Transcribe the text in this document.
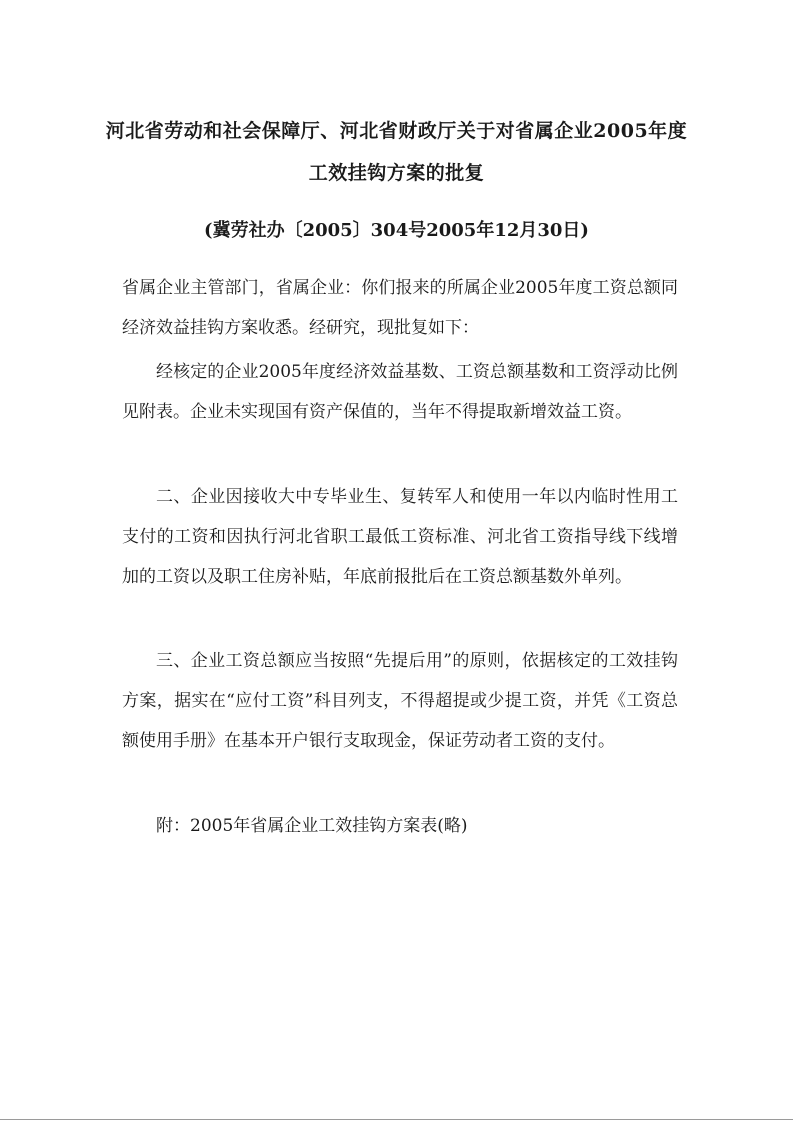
河北省劳动和社会保障厅、河北省财政厅关于对省属企业2005年度
工效挂钩方案的批复
(冀劳社办〔2005〕304号2005年12月30日)

省属企业主管部门，省属企业：你们报来的所属企业2005年度工资总额同经济效益挂钩方案收悉。经研究，现批复如下：

经核定的企业2005年度经济效益基数、工资总额基数和工资浮动比例见附表。企业未实现国有资产保值的，当年不得提取新增效益工资。

二、企业因接收大中专毕业生、复转军人和使用一年以内临时性用工支付的工资和因执行河北省职工最低工资标准、河北省工资指导线下线增加的工资以及职工住房补贴，年底前报批后在工资总额基数外单列。

三、企业工资总额应当按照“先提后用”的原则，依据核定的工效挂钩方案，据实在“应付工资”科目列支，不得超提或少提工资，并凭《工资总额使用手册》在基本开户银行支取现金，保证劳动者工资的支付。

附：2005年省属企业工效挂钩方案表(略)
